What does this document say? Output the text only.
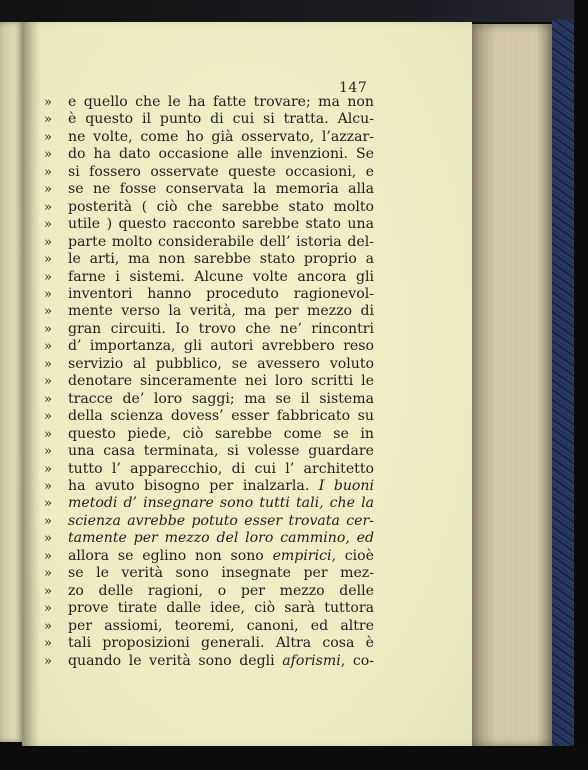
147
»	e quello che le ha fatte trovare; ma non
»	è questo il punto di cui si tratta. Alcu-
»	ne volte, come ho già osservato, l’azzar-
»	do ha dato occasione alle invenzioni. Se
»	si fossero osservate queste occasioni, e
»	se ne fosse conservata la memoria alla
»	posterità ( ciò che sarebbe stato molto
»	utile ) questo racconto sarebbe stato una
»	parte molto considerabile dell’ istoria del-
»	le arti, ma non sarebbe stato proprio a
»	farne i sistemi. Alcune volte ancora gli
»	inventori hanno proceduto ragionevol-
»	mente verso la verità, ma per mezzo di
»	gran circuiti. Io trovo che ne’ rincontri
»	d’ importanza, gli autori avrebbero reso
»	servizio al pubblico, se avessero voluto
»	denotare sinceramente nei loro scritti le
»	tracce de’ loro saggi; ma se il sistema
»	della scienza dovess’ esser fabbricato su
»	questo piede, ciò sarebbe come se in
»	una casa terminata, si volesse guardare
»	tutto l’ apparecchio, di cui l’ architetto
»	ha avuto bisogno per inalzarla. I buoni
»	metodi d’ insegnare sono tutti tali, che la
»	scienza avrebbe potuto esser trovata cer-
»	tamente per mezzo del loro cammino, ed
»	allora se eglino non sono empirici, cioè
»	se le verità sono insegnate per mez-
»	zo delle ragioni, o per mezzo delle
»	prove tirate dalle idee, ciò sarà tuttora
»	per assiomi, teoremi, canoni, ed altre
»	tali proposizioni generali. Altra cosa è
»	quando le verità sono degli aforismi, co-
